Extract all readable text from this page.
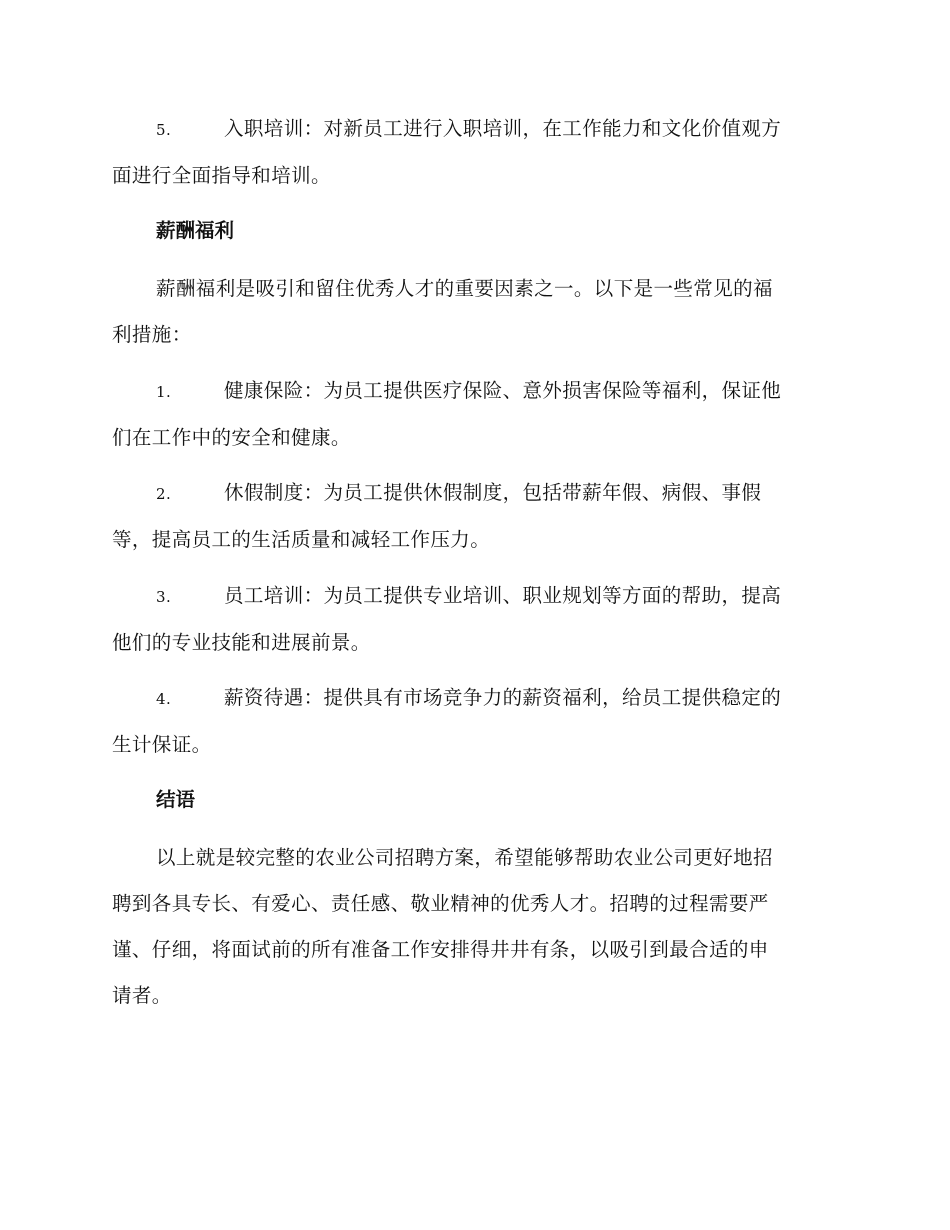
5.	入职培训：对新员工进行入职培训，在工作能力和文化价值观方
面进行全面指导和培训。
薪酬福利
薪酬福利是吸引和留住优秀人才的重要因素之一。以下是一些常见的福
利措施：
1.	健康保险：为员工提供医疗保险、意外损害保险等福利，保证他
们在工作中的安全和健康。
2.	休假制度：为员工提供休假制度，包括带薪年假、病假、事假
等，提高员工的生活质量和减轻工作压力。
3.	员工培训：为员工提供专业培训、职业规划等方面的帮助，提高
他们的专业技能和进展前景。
4.	薪资待遇：提供具有市场竞争力的薪资福利，给员工提供稳定的
生计保证。
结语
以上就是较完整的农业公司招聘方案，希望能够帮助农业公司更好地招
聘到各具专长、有爱心、责任感、敬业精神的优秀人才。招聘的过程需要严
谨、仔细，将面试前的所有准备工作安排得井井有条，以吸引到最合适的申
请者。
